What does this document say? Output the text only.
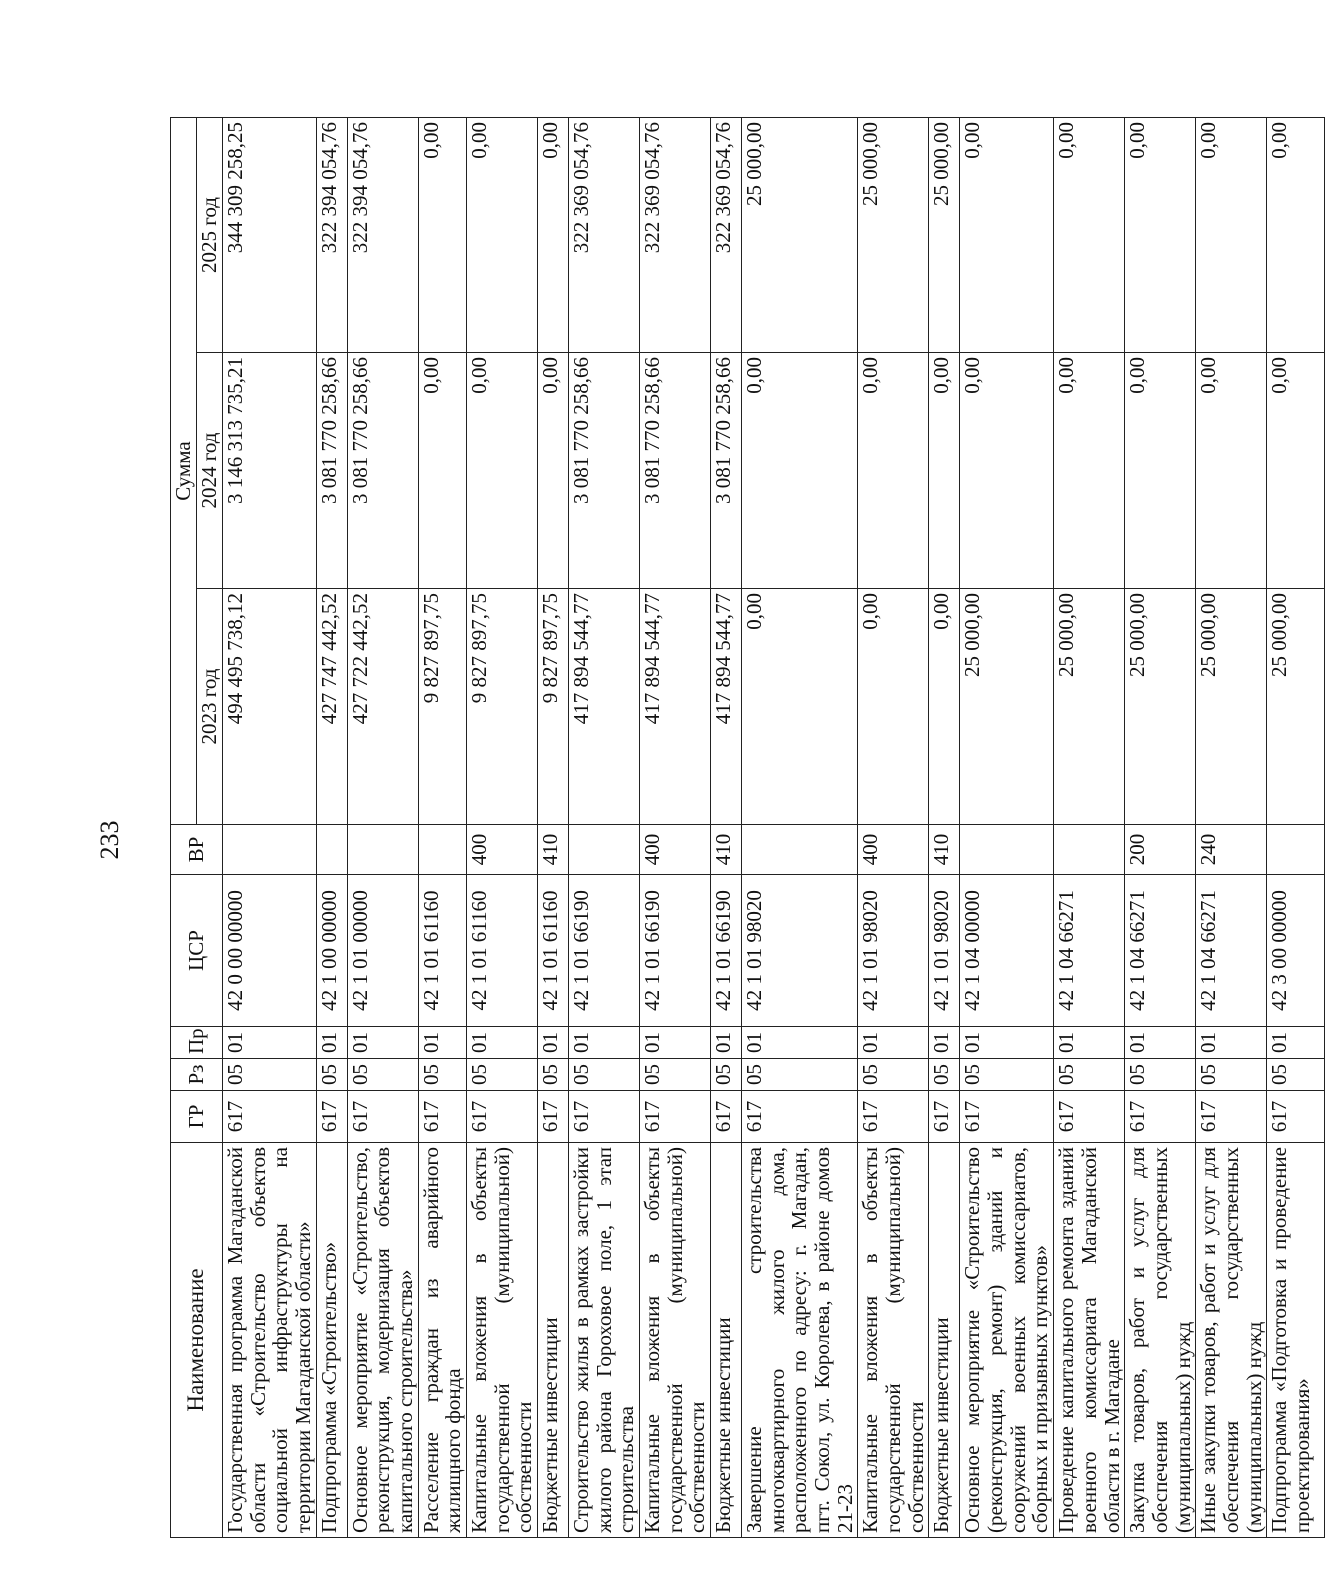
233
Наименование	ГР	Рз	Пр	ЦСР	ВР	Сумма		
						2023 год	2024 год	2025 год
Государственная программа Магаданской области «Строительство объектов социальной инфраструктуры на территории Магаданской области»	617	05	01	42 0 00 00000		494 495 738,12	3 146 313 735,21	344 309 258,25
Подпрограмма «Строительство»	617	05	01	42 1 00 00000		427 747 442,52	3 081 770 258,66	322 394 054,76
Основное мероприятие «Строительство, реконструкция, модернизация объектов капитального строительства»	617	05	01	42 1 01 00000		427 722 442,52	3 081 770 258,66	322 394 054,76
Расселение граждан из аварийного жилищного фонда	617	05	01	42 1 01 61160		9 827 897,75	0,00	0,00
Капитальные вложения в объекты государственной (муниципальной) собственности	617	05	01	42 1 01 61160	400	9 827 897,75	0,00	0,00
Бюджетные инвестиции	617	05	01	42 1 01 61160	410	9 827 897,75	0,00	0,00
Строительство жилья в рамках застройки жилого района Гороховое поле, 1 этап строительства	617	05	01	42 1 01 66190		417 894 544,77	3 081 770 258,66	322 369 054,76
Капитальные вложения в объекты государственной (муниципальной) собственности	617	05	01	42 1 01 66190	400	417 894 544,77	3 081 770 258,66	322 369 054,76
Бюджетные инвестиции	617	05	01	42 1 01 66190	410	417 894 544,77	3 081 770 258,66	322 369 054,76
Завершение строительства многоквартирного жилого дома, расположенного по адресу: г. Магадан, пгт. Сокол, ул. Королева, в районе домов 21-23	617	05	01	42 1 01 98020		0,00	0,00	25 000,00
Капитальные вложения в объекты государственной (муниципальной) собственности	617	05	01	42 1 01 98020	400	0,00	0,00	25 000,00
Бюджетные инвестиции	617	05	01	42 1 01 98020	410	0,00	0,00	25 000,00
Основное мероприятие «Строительство (реконструкция, ремонт) зданий и сооружений военных комиссариатов, сборных и призывных пунктов»	617	05	01	42 1 04 00000		25 000,00	0,00	0,00
Проведение капитального ремонта зданий военного комиссариата Магаданской области в г. Магадане	617	05	01	42 1 04 66271		25 000,00	0,00	0,00
Закупка товаров, работ и услуг для обеспечения государственных (муниципальных) нужд	617	05	01	42 1 04 66271	200	25 000,00	0,00	0,00
Иные закупки товаров, работ и услуг для обеспечения государственных (муниципальных) нужд	617	05	01	42 1 04 66271	240	25 000,00	0,00	0,00
Подпрограмма «Подготовка и проведение проектирования»	617	05	01	42 3 00 00000		25 000,00	0,00	0,00
